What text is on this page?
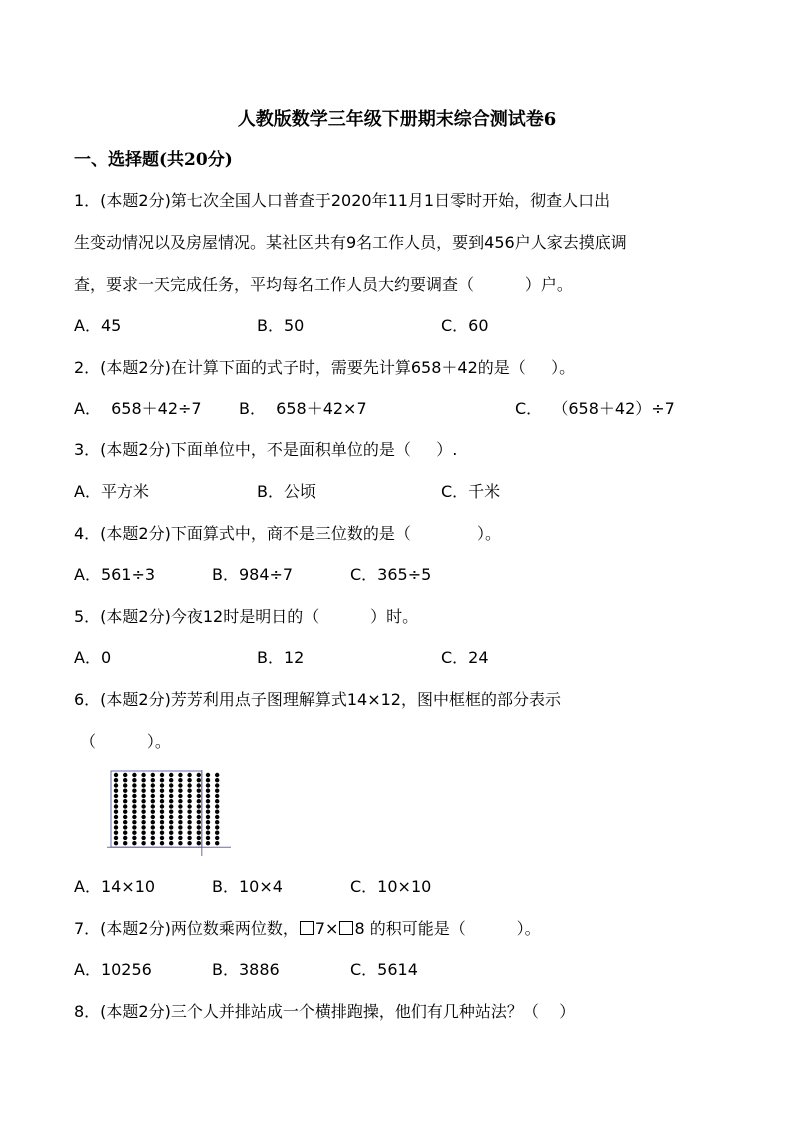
人教版数学三年级下册期末综合测试卷6
一、选择题(共20分)
1．(本题2分)第七次全国人口普查于2020年11月1日零时开始，彻查人口出
生变动情况以及房屋情况。某社区共有9名工作人员，要到456户人家去摸底调
查，要求一天完成任务，平均每名工作人员大约要调查（          ）户。
A．45	B．50	C．60
2．(本题2分)在计算下面的式子时，需要先计算658＋42的是（     ）。
A．  658＋42÷7 B．  658＋42×7	C．  （658＋42）÷7
3．(本题2分)下面单位中，不是面积单位的是（     ）.
A．平方米	B．公顷	C．千米
4．(本题2分)下面算式中，商不是三位数的是（             ）。
A．561÷3	B．984÷7	C．365÷5
5．(本题2分)今夜12时是明日的（          ）时。
A．0	B．12	C．24
6．(本题2分)芳芳利用点子图理解算式14×12，图中框框的部分表示
（          ）。
A．14×10	B．10×4	C．10×10
7．(本题2分)两位数乘两位数， 7× 8 的积可能是（          ）。
A．10256	B．3886	C．5614
8．(本题2分)三个人并排站成一个横排跑操，他们有几种站法？（    ）
